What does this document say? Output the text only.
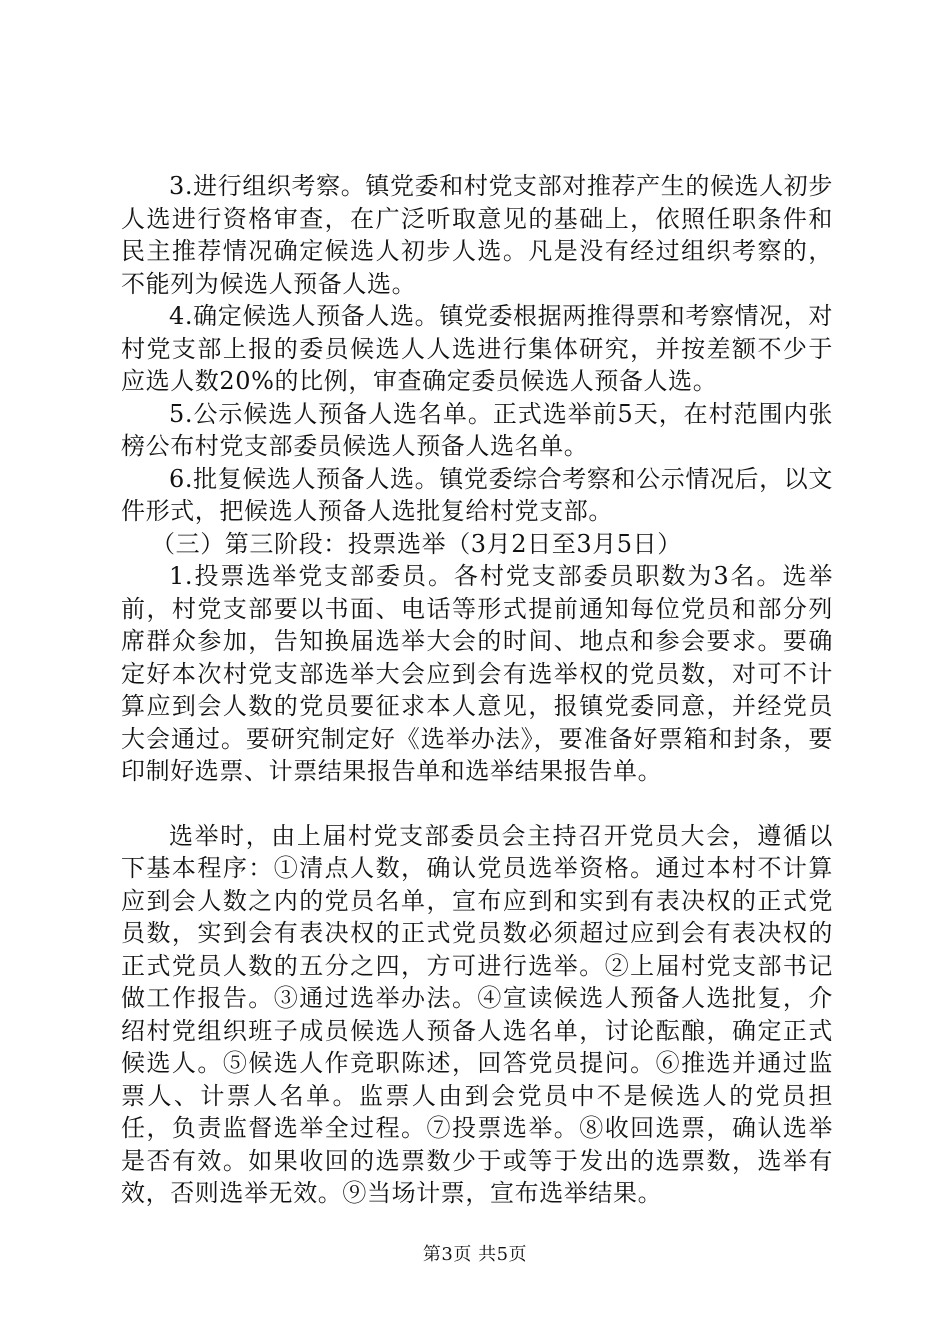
3.进行组织考察。镇党委和村党支部对推荐产生的候选人初步人选进行资格审查，在广泛听取意见的基础上，依照任职条件和民主推荐情况确定候选人初步人选。凡是没有经过组织考察的，不能列为候选人预备人选。

4.确定候选人预备人选。镇党委根据两推得票和考察情况，对村党支部上报的委员候选人人选进行集体研究，并按差额不少于应选人数20%的比例，审查确定委员候选人预备人选。

5.公示候选人预备人选名单。正式选举前5天，在村范围内张榜公布村党支部委员候选人预备人选名单。

6.批复候选人预备人选。镇党委综合考察和公示情况后，以文件形式，把候选人预备人选批复给村党支部。

（三）第三阶段：投票选举（3月2日至3月5日）

1.投票选举党支部委员。各村党支部委员职数为3名。选举前，村党支部要以书面、电话等形式提前通知每位党员和部分列席群众参加，告知换届选举大会的时间、地点和参会要求。要确定好本次村党支部选举大会应到会有选举权的党员数，对可不计算应到会人数的党员要征求本人意见，报镇党委同意，并经党员大会通过。要研究制定好《选举办法》，要准备好票箱和封条，要印制好选票、计票结果报告单和选举结果报告单。

选举时，由上届村党支部委员会主持召开党员大会，遵循以下基本程序：①清点人数，确认党员选举资格。通过本村不计算应到会人数之内的党员名单，宣布应到和实到有表决权的正式党员数，实到会有表决权的正式党员数必须超过应到会有表决权的正式党员人数的五分之四，方可进行选举。②上届村党支部书记做工作报告。③通过选举办法。④宣读候选人预备人选批复，介绍村党组织班子成员候选人预备人选名单，讨论酝酿，确定正式候选人。⑤候选人作竞职陈述，回答党员提问。⑥推选并通过监票人、计票人名单。监票人由到会党员中不是候选人的党员担任，负责监督选举全过程。⑦投票选举。⑧收回选票，确认选举是否有效。如果收回的选票数少于或等于发出的选票数，选举有效，否则选举无效。⑨当场计票，宣布选举结果。

第3页 共5页
